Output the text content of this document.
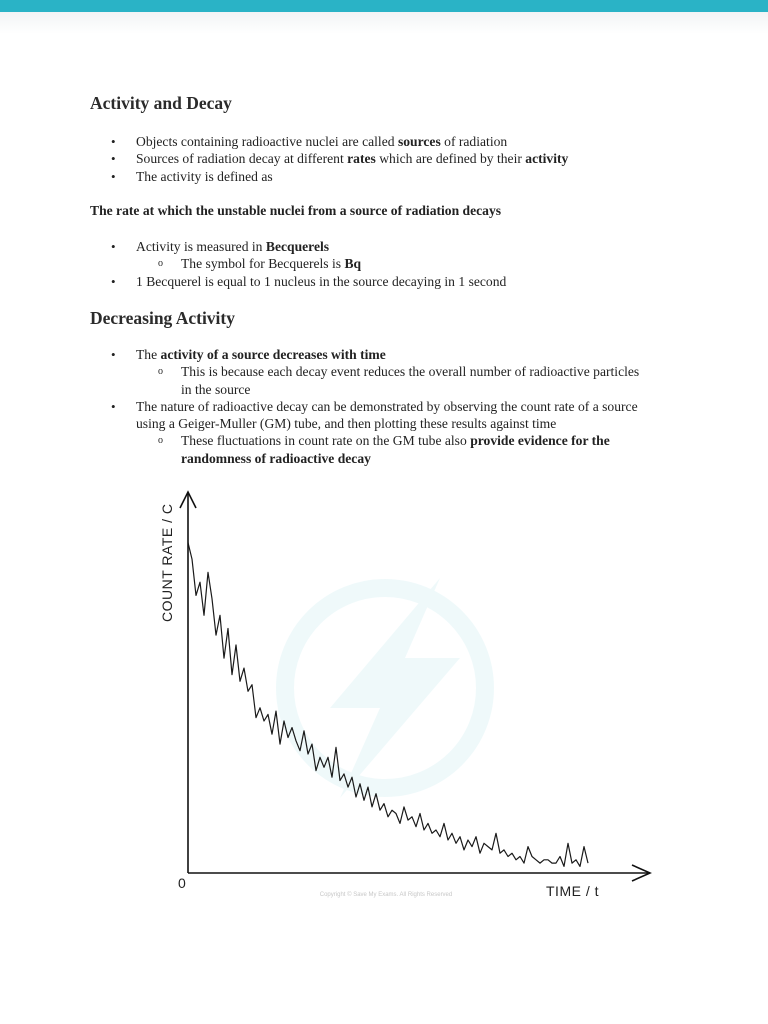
Activity and Decay
• Objects containing radioactive nuclei are called sources of radiation
• Sources of radiation decay at different rates which are defined by their activity
• The activity is defined as
The rate at which the unstable nuclei from a source of radiation decays
• Activity is measured in Becquerels
o The symbol for Becquerels is Bq
• 1 Becquerel is equal to 1 nucleus in the source decaying in 1 second
Decreasing Activity
• The activity of a source decreases with time
o This is because each decay event reduces the overall number of radioactive particles
in the source
• The nature of radioactive decay can be demonstrated by observing the count rate of a source
using a Geiger-Muller (GM) tube, and then plotting these results against time
o These fluctuations in count rate on the GM tube also provide evidence for the
randomness of radioactive decay
COUNT RATE / C
TIME / t
0
Copyright © Save My Exams. All Rights Reserved
